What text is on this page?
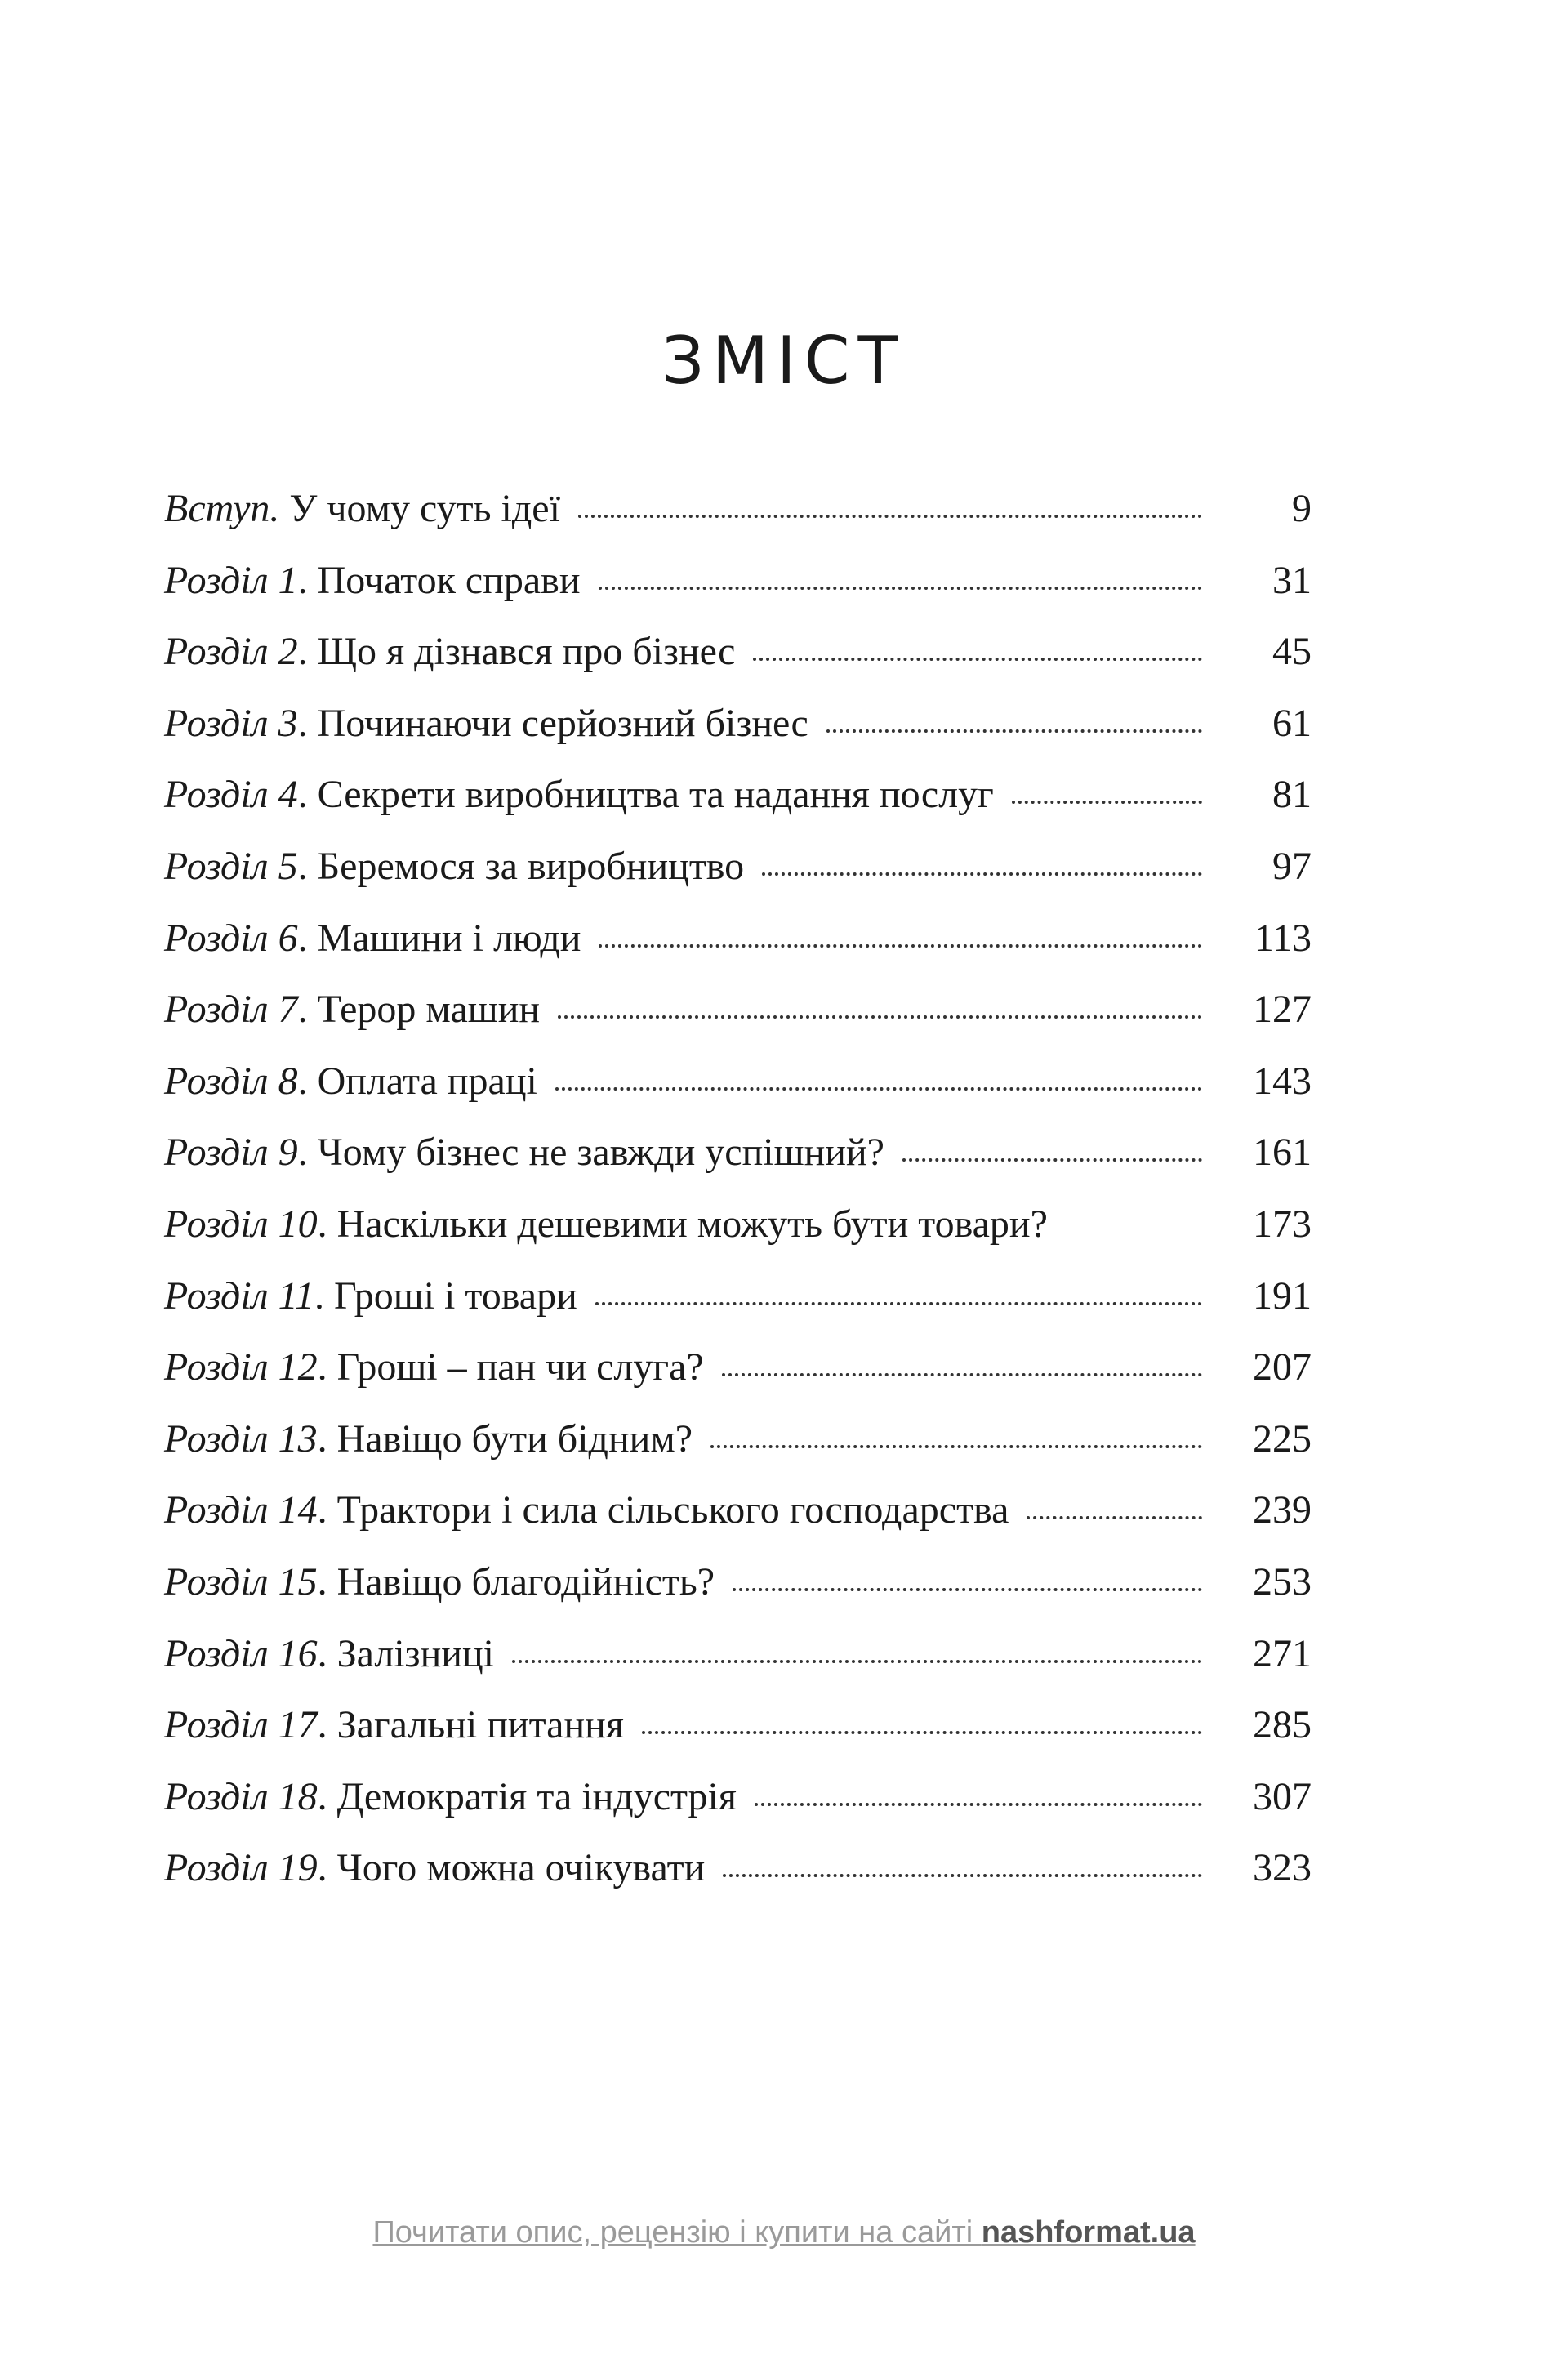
ЗМІСТ
Вступ. У чому суть ідеї	9
Розділ 1. Початок справи	31
Розділ 2. Що я дізнався про бізнес	45
Розділ 3. Починаючи серйозний бізнес	61
Розділ 4. Секрети виробництва та надання послуг	81
Розділ 5. Беремося за виробництво	97
Розділ 6. Машини і люди	113
Розділ 7. Терор машин	127
Розділ 8. Оплата праці	143
Розділ 9. Чому бізнес не завжди успішний?	161
Розділ 10. Наскільки дешевими можуть бути товари?	173
Розділ 11. Гроші і товари	191
Розділ 12. Гроші – пан чи слуга?	207
Розділ 13. Навіщо бути бідним?	225
Розділ 14. Трактори і сила сільського господарства	239
Розділ 15. Навіщо благодійність?	253
Розділ 16. Залізниці	271
Розділ 17. Загальні питання	285
Розділ 18. Демократія та індустрія	307
Розділ 19. Чого можна очікувати	323
Почитати опис, рецензію і купити на сайті nashformat.ua
